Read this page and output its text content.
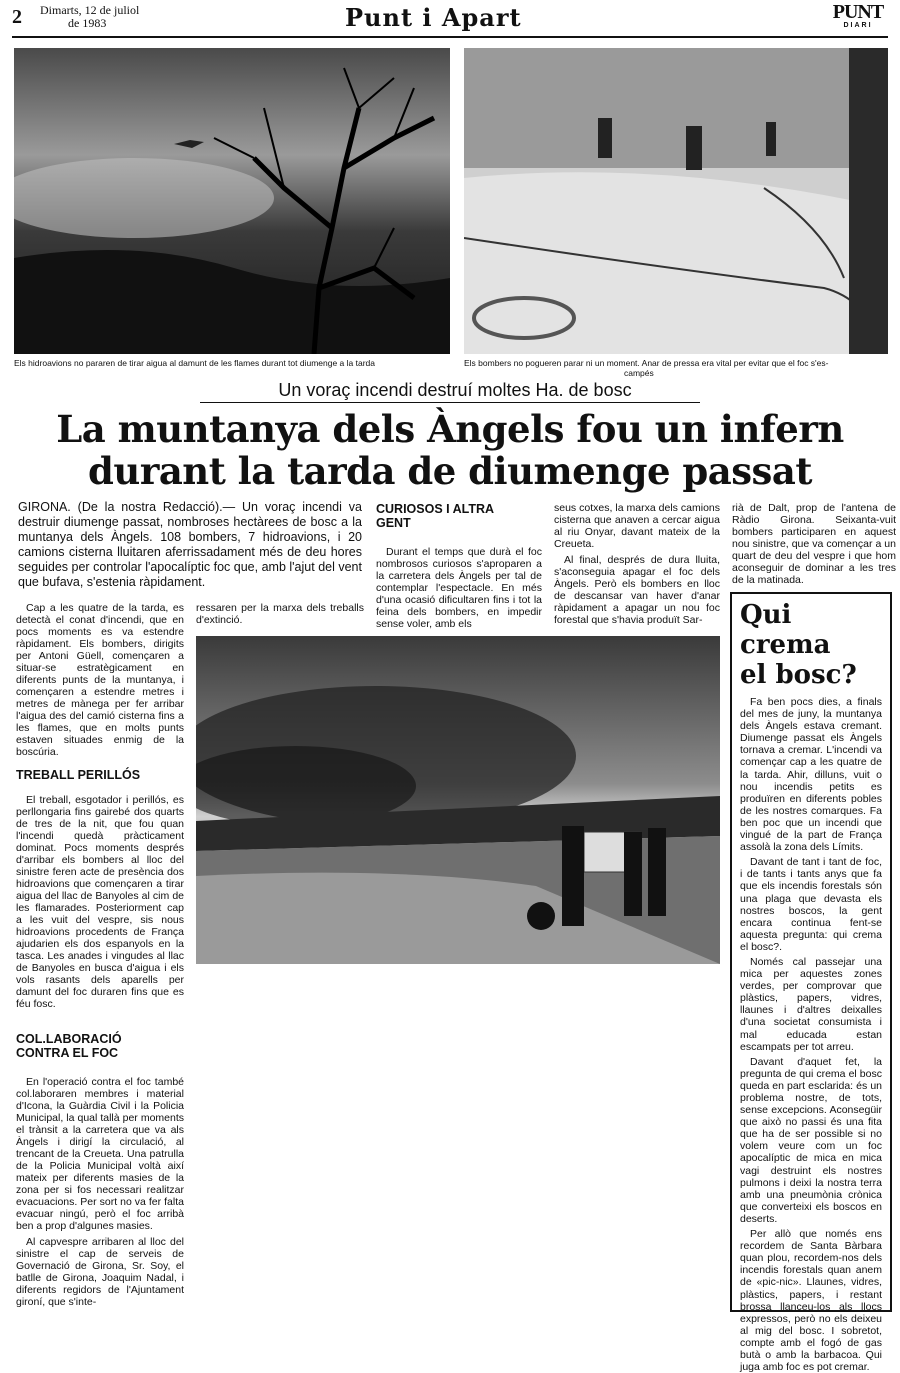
2 Dimarts, 12 de juliol
de 1983	Punt i Apart	PUNT
DIARI
Els hidroavions no pararen de tirar aigua al damunt de les flames durant tot diumenge a la tarda	Els bombers no pogueren parar ni un moment. Anar de pressa era vital per evitar que el foc s'es-
campés
Un voraç incendi destruí moltes Ha. de bosc
La muntanya dels Àngels fou un infern
durant la tarda de diumenge passat
GIRONA. (De la nostra Redacció).— Un voraç incendi va destruir diumenge passat, nombroses hectàrees de bosc a la muntanya dels Àngels. 108 bombers, 7 hidroavions, i 20 camions cisterna lluitaren aferrissadament més de deu hores seguides per controlar l'apocalíptic foc que, amb l'ajut del vent que bufava, s'estenia ràpidament.

Cap a les quatre de la tarda, es detectà el conat d'incendi, que en pocs moments es va estendre ràpidament. Els bombers, dirigits per Antoni Güell, començaren a situar-se estratègicament en diferents punts de la muntanya, i començaren a estendre metres i metres de mànega per fer arribar l'aigua des del camió cisterna fins a les flames, que en molts punts estaven situades enmig de la boscúria.

TREBALL PERILLÓS

El treball, esgotador i perillós, es perllongaria fins gairebé dos quarts de tres de la nit, que fou quan l'incendi quedà pràcticament dominat. Pocs moments després d'arribar els bombers al lloc del sinistre feren acte de presència dos hidroavions que començaren a tirar aigua del llac de Banyoles al cim de les flamarades. Posteriorment cap a les vuit del vespre, sis nous hidroavions procedents de França ajudarien els dos espanyols en la tasca. Les anades i vingudes al llac de Banyoles en busca d'aigua i els vols rasants dels aparells per damunt del foc duraren fins que es féu fosc.

COL.LABORACIÓ CONTRA EL FOC

En l'operació contra el foc també col.laboraren membres i material d'Icona, la Guàrdia Civil i la Policia Municipal, la qual tallà per moments el trànsit a la carretera que va als Àngels i dirigí la circulació, al trencant de la Creueta. Una patrulla de la Policia Municipal voltà així mateix per diferents masies de la zona per si fos necessari realitzar evacuacions. Per sort no va fer falta evacuar ningú, però el foc arribà ben a prop d'algunes masies.

Al capvespre arribaren al lloc del sinistre el cap de serveis de Governació de Girona, Sr. Soy, el batlle de Girona, Joaquim Nadal, i diferents regidors de l'Ajuntament gironí, que s'inte-

ressaren per la marxa dels treballs d'extinció.

CURIOSOS I ALTRA GENT

Durant el temps que durà el foc nombrosos curiosos s'aproparen a la carretera dels Àngels per tal de contemplar l'espectacle. En més d'una ocasió dificultaren fins i tot la feina dels bombers, en impedir sense voler, amb els

seus cotxes, la marxa dels camions cisterna que anaven a cercar aigua al riu Onyar, davant mateix de la Creueta.

Al final, després de dura lluita, s'aconseguia apagar el foc dels Àngels. Però els bombers en lloc de descansar van haver d'anar ràpidament a apagar un nou foc forestal que s'havia produït Sar-

rià de Dalt, prop de l'antena de Ràdio Girona. Seixanta-vuit bombers participaren en aquest nou sinistre, que va començar a un quart de deu del vespre i que hom aconseguir de dominar a les tres de la matinada.

Qui crema
el bosc?

Fa ben pocs dies, a finals del mes de juny, la muntanya dels Àngels estava cremant. Diumenge passat els Àngels tornava a cremar. L'incendi va començar cap a les quatre de la tarda. Ahir, dilluns, vuit o nou incendis petits es produïren en diferents pobles de les nostres comarques. Fa ben poc que un incendi que vingué de la part de França assolà la zona dels Límits.

Davant de tant i tant de foc, i de tants i tants anys que fa que els incendis forestals són una plaga que devasta els nostres boscos, la gent encara continua fent-se aquesta pregunta: qui crema el bosc?.

Només cal passejar una mica per aquestes zones verdes, per comprovar que plàstics, papers, vidres, llaunes i d'altres deixalles d'una societat consumista i mal educada estan escampats per tot arreu.

Davant d'aquet fet, la pregunta de qui crema el bosc queda en part esclarida: és un problema nostre, de tots, sense excepcions. Aconsegüir que això no passi és una fita que ha de ser possible si no volem veure com un foc apocalíptic de mica en mica vagi destruint els nostres pulmons i deixi la nostra terra amb una pneumònia crònica que converteixi els boscos en deserts.

Per allò que només ens recordem de Santa Bàrbara quan plou, recordem-nos dels incendis forestals quan anem de «pic-nic». Llaunes, vidres, plàstics, papers, i restant brossa llanceu-los als llocs expressos, però no els deixeu al mig del bosc. I sobretot, compte amb el fogó de gas butà o amb la barbacoa. Qui juga amb foc es pot cremar.
